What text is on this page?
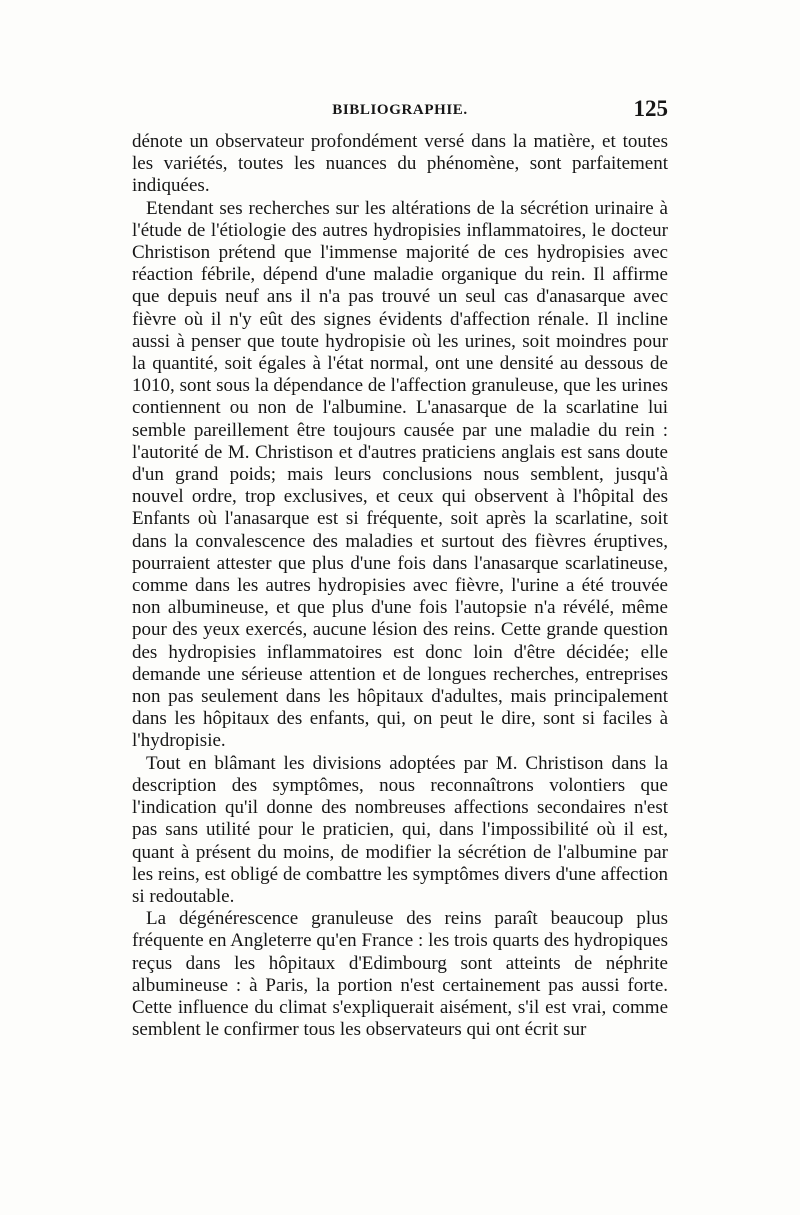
BIBLIOGRAPHIE.	125

dénote un observateur profondément versé dans la matière, et toutes les variétés, toutes les nuances du phénomène, sont parfaitement indiquées.

Etendant ses recherches sur les altérations de la sécrétion urinaire à l'étude de l'étiologie des autres hydropisies inflammatoires, le docteur Christison prétend que l'immense majorité de ces hydropisies avec réaction fébrile, dépend d'une maladie organique du rein. Il affirme que depuis neuf ans il n'a pas trouvé un seul cas d'anasarque avec fièvre où il n'y eût des signes évidents d'affection rénale. Il incline aussi à penser que toute hydropisie où les urines, soit moindres pour la quantité, soit égales à l'état normal, ont une densité au dessous de 1010, sont sous la dépendance de l'affection granuleuse, que les urines contiennent ou non de l'albumine. L'anasarque de la scarlatine lui semble pareillement être toujours causée par une maladie du rein : l'autorité de M. Christison et d'autres praticiens anglais est sans doute d'un grand poids; mais leurs conclusions nous semblent, jusqu'à nouvel ordre, trop exclusives, et ceux qui observent à l'hôpital des Enfants où l'anasarque est si fréquente, soit après la scarlatine, soit dans la convalescence des maladies et surtout des fièvres éruptives, pourraient attester que plus d'une fois dans l'anasarque scarlatineuse, comme dans les autres hydropisies avec fièvre, l'urine a été trouvée non albumineuse, et que plus d'une fois l'autopsie n'a révélé, même pour des yeux exercés, aucune lésion des reins. Cette grande question des hydropisies inflammatoires est donc loin d'être décidée; elle demande une sérieuse attention et de longues recherches, entreprises non pas seulement dans les hôpitaux d'adultes, mais principalement dans les hôpitaux des enfants, qui, on peut le dire, sont si faciles à l'hydropisie.

Tout en blâmant les divisions adoptées par M. Christison dans la description des symptômes, nous reconnaîtrons volontiers que l'indication qu'il donne des nombreuses affections secondaires n'est pas sans utilité pour le praticien, qui, dans l'impossibilité où il est, quant à présent du moins, de modifier la sécrétion de l'albumine par les reins, est obligé de combattre les symptômes divers d'une affection si redoutable.

La dégénérescence granuleuse des reins paraît beaucoup plus fréquente en Angleterre qu'en France : les trois quarts des hydropiques reçus dans les hôpitaux d'Edimbourg sont atteints de néphrite albumineuse : à Paris, la portion n'est certainement pas aussi forte. Cette influence du climat s'expliquerait aisément, s'il est vrai, comme semblent le confirmer tous les observateurs qui ont écrit sur
